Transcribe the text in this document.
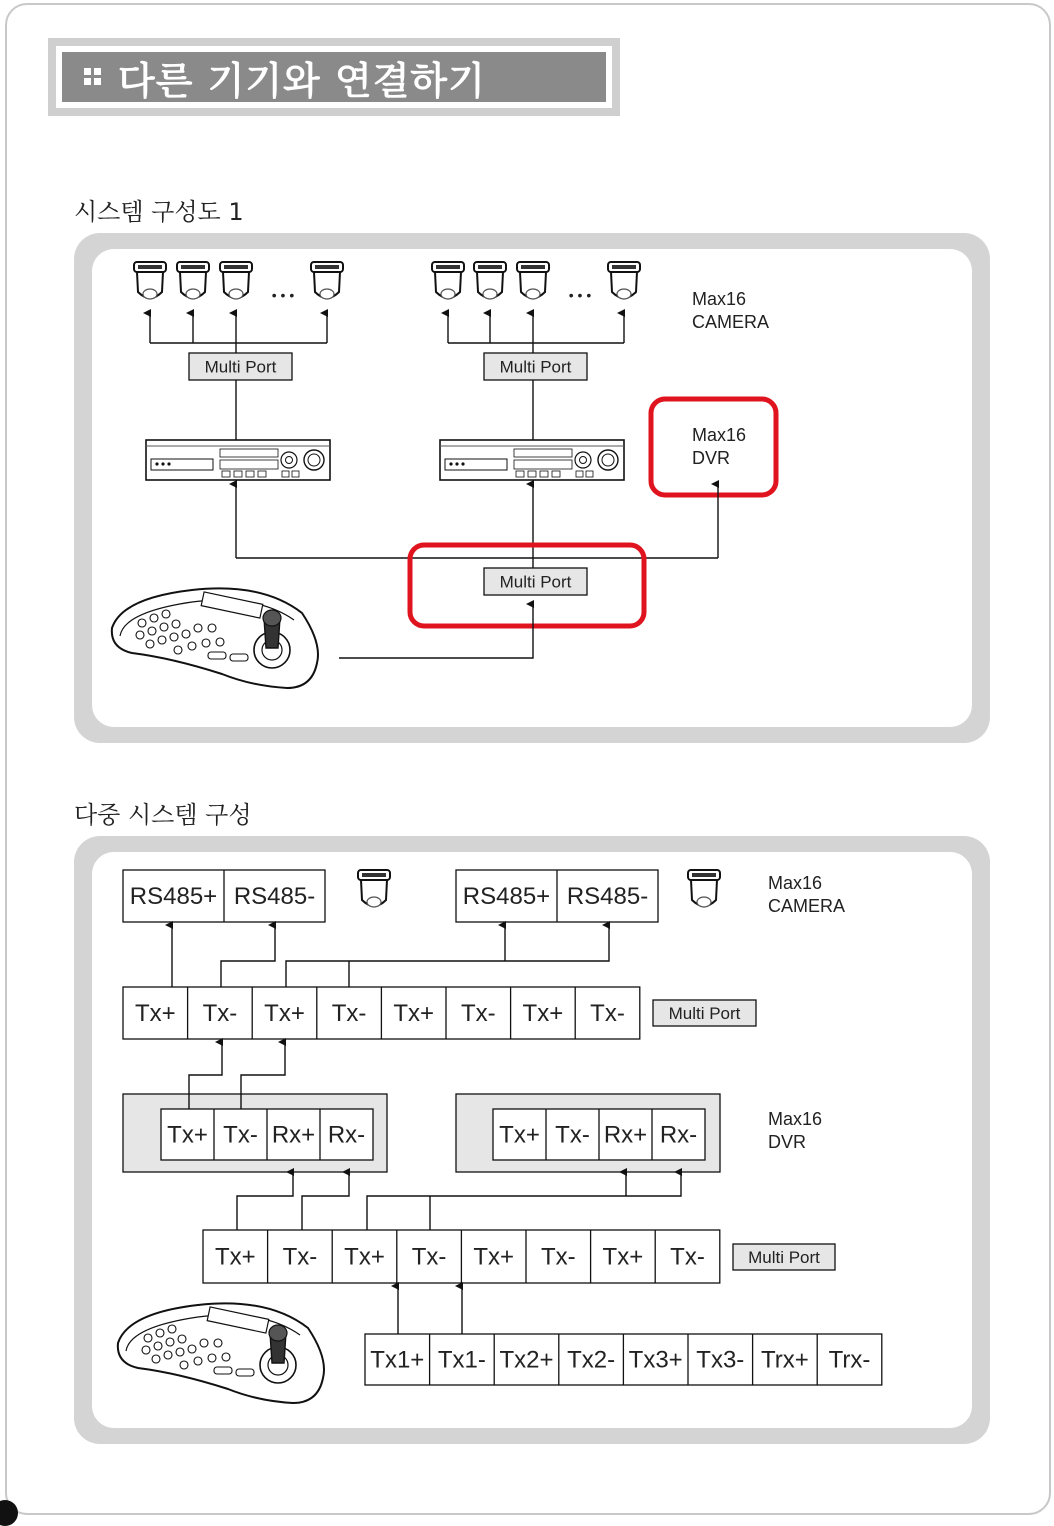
다른 기기와 연결하기
시스템 구성도 1
다중 시스템 구성
• • •	• • •	Max16
CAMERA
Multi Port	Multi Port
Max16
DVR
Multi Port
RS485+ RS485-	RS485+ RS485-	Max16
CAMERA
Tx+ Tx- Tx+ Tx- Tx+ Tx- Tx+ Tx-	Multi Port
Tx+ Tx- Rx+ Rx-	Tx+ Tx- Rx+ Rx-
Max16
DVR
Tx+ Tx- Tx+ Tx- Tx+ Tx- Tx+ Tx-	Multi Port
Tx1+ Tx1- Tx2+ Tx2- Tx3+ Tx3- Trx+ Trx-
